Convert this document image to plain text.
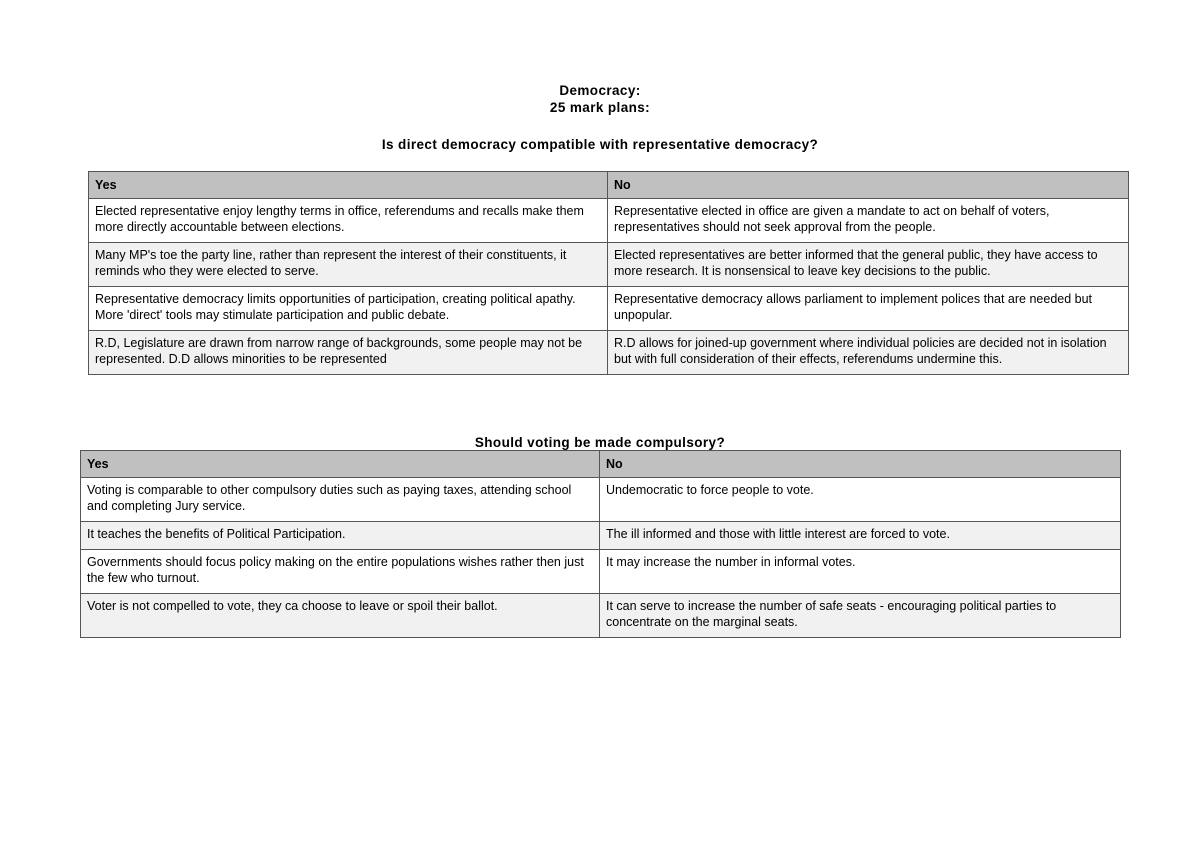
Democracy:
25 mark plans:
Is direct democracy compatible with representative democracy?
Yes	No
Elected representative enjoy lengthy terms in office, referendums and recalls make them more directly accountable between elections.	Representative elected in office are given a mandate to act on behalf of voters, representatives should not seek approval from the people.
Many MP's toe the party line, rather than represent the interest of their constituents, it reminds who they were elected to serve.	Elected representatives are better informed that the general public, they have access to more research. It is nonsensical to leave key decisions to the public.
Representative democracy limits opportunities of participation, creating political apathy. More 'direct' tools may stimulate participation and public debate.	Representative democracy allows parliament to implement polices that are needed but unpopular.
R.D, Legislature are drawn from narrow range of backgrounds, some people may not be represented. D.D allows minorities to be represented	R.D allows for joined-up government where individual policies are decided not in isolation but with full consideration of their effects, referendums undermine this.
Should voting be made compulsory?
Yes	No
Voting is comparable to other compulsory duties such as paying taxes, attending school and completing Jury service.	Undemocratic to force people to vote.
It teaches the benefits of Political Participation.	The ill informed and those with little interest are forced to vote.
Governments should focus policy making on the entire populations wishes rather then just the few who turnout.	It may increase the number in informal votes.
Voter is not compelled to vote, they ca choose to leave or spoil their ballot.	It can serve to increase the number of safe seats - encouraging political parties to concentrate on the marginal seats.
